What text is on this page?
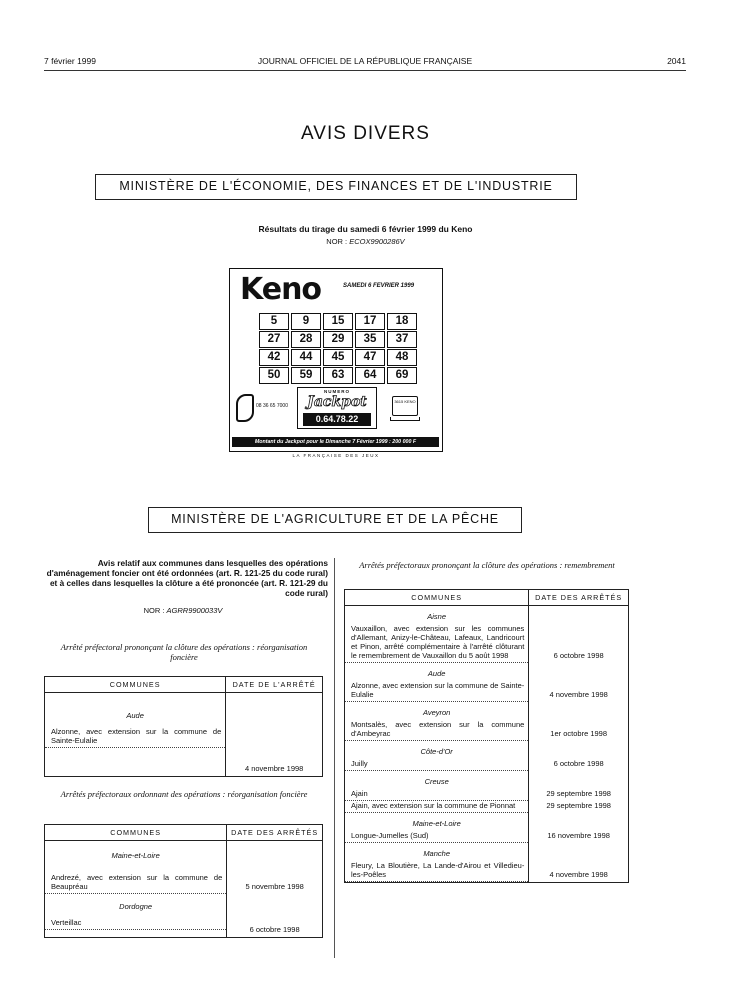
7 février 1999	JOURNAL OFFICIEL DE LA RÉPUBLIQUE FRANÇAISE	2041
AVIS DIVERS
MINISTÈRE DE L'ÉCONOMIE, DES FINANCES ET DE L'INDUSTRIE
Résultats du tirage du samedi 6 février 1999 du Keno
NOR : ECOX9900286V
Keno	SAMEDI 6 FEVRIER 1999
5	9	15	17	18
27	28	29	35	37
42	44	45	47	48
50	59	63	64	69
08 36 65 7000
NUMERO
Jackpot
0.64.78.22
3615 KENO
Montant du Jackpot pour le Dimanche 7 Février 1999 : 200 000 F
LA FRANÇAISE DES JEUX
MINISTÈRE DE L'AGRICULTURE ET DE LA PÊCHE
Avis relatif aux communes dans lesquelles des opérations d'aménagement foncier ont été ordonnées (art. R. 121-25 du code rural) et à celles dans lesquelles la clôture a été prononcée (art. R. 121-29 du code rural)
NOR : AGRR9900033V
Arrêté préfectoral prononçant la clôture des opérations : réorganisation foncière
COMMUNES	DATE DE L'ARRÊTÉ

Aude
Alzonne, avec extension sur la commune de Sainte-Eulalie	4 novembre 1998
Arrêtés préfectoraux ordonnant des opérations : réorganisation foncière
COMMUNES	DATE DES ARRÊTÉS

Maine-et-Loire
Andrezé, avec extension sur la commune de Beaupréau	5 novembre 1998

Dordogne
Verteillac	6 octobre 1998
Arrêtés préfectoraux prononçant la clôture des opérations : remembrement
COMMUNES	DATE DES ARRÊTÉS

Aisne
Vauxaillon, avec extension sur les communes d'Allemant, Anizy-le-Château, Lafeaux, Landricourt et Pinon, arrêté complémentaire à l'arrêté clôturant le remembrement de Vauxaillon du 5 août 1998	6 octobre 1998

Aude
Alzonne, avec extension sur la commune de Sainte-Eulalie	4 novembre 1998

Aveyron
Montsalès, avec extension sur la commune d'Ambeyrac	1er octobre 1998

Côte-d'Or
Juilly	6 octobre 1998

Creuse
Ajain	29 septembre 1998

Ajain, avec extension sur la commune de Pionnat	29 septembre 1998

Maine-et-Loire
Longue-Jumelles (Sud)	16 novembre 1998

Manche
Fleury, La Bloutière, La Lande-d'Airou et Villedieu-les-Poêles	4 novembre 1998
